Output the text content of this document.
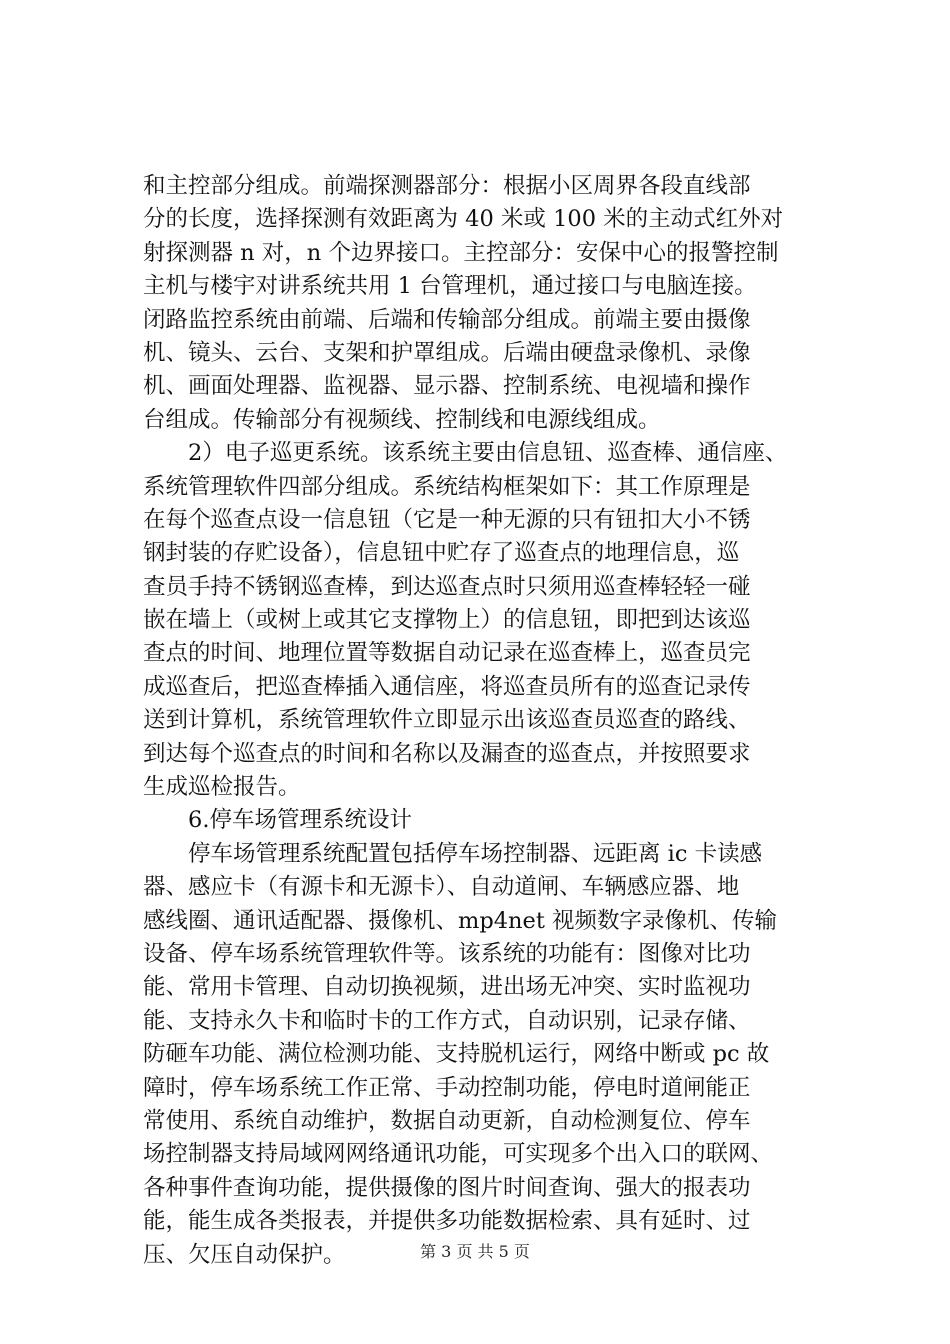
和主控部分组成。前端探测器部分：根据小区周界各段直线部
分的长度，选择探测有效距离为 40 米或 100 米的主动式红外对
射探测器 n 对，n 个边界接口。主控部分：安保中心的报警控制
主机与楼宇对讲系统共用 1 台管理机，通过接口与电脑连接。
闭路监控系统由前端、后端和传输部分组成。前端主要由摄像
机、镜头、云台、支架和护罩组成。后端由硬盘录像机、录像
机、画面处理器、监视器、显示器、控制系统、电视墙和操作
台组成。传输部分有视频线、控制线和电源线组成。
2）电子巡更系统。该系统主要由信息钮、巡查棒、通信座、
系统管理软件四部分组成。系统结构框架如下：其工作原理是
在每个巡查点设一信息钮（它是一种无源的只有钮扣大小不锈
钢封装的存贮设备），信息钮中贮存了巡查点的地理信息，巡
查员手持不锈钢巡查棒，到达巡查点时只须用巡查棒轻轻一碰
嵌在墙上（或树上或其它支撑物上）的信息钮，即把到达该巡
查点的时间、地理位置等数据自动记录在巡查棒上，巡查员完
成巡查后，把巡查棒插入通信座，将巡查员所有的巡查记录传
送到计算机，系统管理软件立即显示出该巡查员巡查的路线、
到达每个巡查点的时间和名称以及漏查的巡查点，并按照要求
生成巡检报告。
6.停车场管理系统设计
停车场管理系统配置包括停车场控制器、远距离 ic 卡读感
器、感应卡（有源卡和无源卡）、自动道闸、车辆感应器、地
感线圈、通讯适配器、摄像机、mp4net 视频数字录像机、传输
设备、停车场系统管理软件等。该系统的功能有：图像对比功
能、常用卡管理、自动切换视频，进出场无冲突、实时监视功
能、支持永久卡和临时卡的工作方式，自动识别，记录存储、
防砸车功能、满位检测功能、支持脱机运行，网络中断或 pc 故
障时，停车场系统工作正常、手动控制功能，停电时道闸能正
常使用、系统自动维护，数据自动更新，自动检测复位、停车
场控制器支持局域网网络通讯功能，可实现多个出入口的联网、
各种事件查询功能，提供摄像的图片时间查询、强大的报表功
能，能生成各类报表，并提供多功能数据检索、具有延时、过
压、欠压自动保护。	第 3 页 共 5 页
